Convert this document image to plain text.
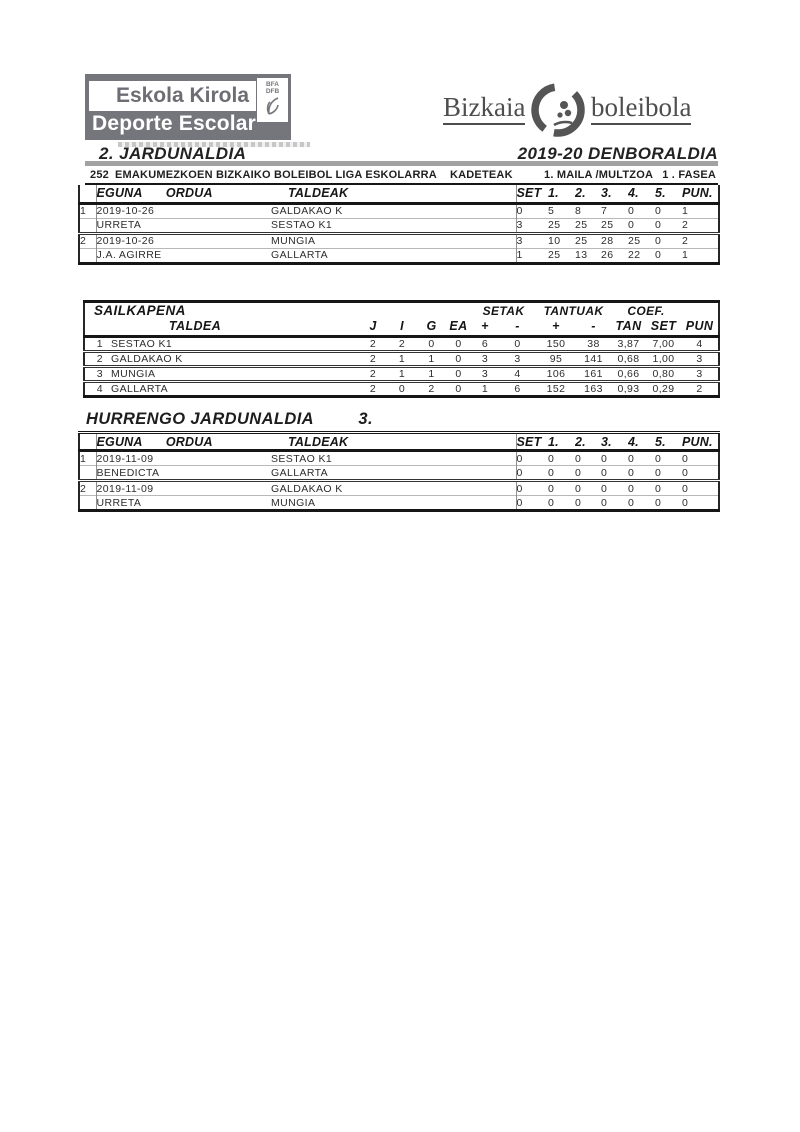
Eskola Kirola
Deporte Escolar
BFA
DFB
Bizkaia boleibola
2. JARDUNALDIA	2019-20 DENBORALDIA
252 EMAKUMEZKOEN BIZKAIKO BOLEIBOL LIGA ESKOLARRA KADETEAK	1. MAILA /MULTZOA 1 . FASEA
	EGUNA ORDUA	TALDEAK	SET	1.	2.	3.	4.	5.	PUN.
1	2019-10-26	GALDAKAO K	0	5	8	7	0	0	1
	URRETA	SESTAO K1	3	25	25	25	0	0	2
2	2019-10-26	MUNGIA	3	10	25	28	25	0	2
	J.A. AGIRRE	GALLARTA	1	25	13	26	22	0	1
SAILKAPENA						SETAK		TANTUAK		COEF.		
TALDEA		J	I	G	EA	+	-	+	-	TAN	SET	PUN
1	SESTAO K1	2	2	0	0	6	0	150	38	3,87	7,00	4
2	GALDAKAO K	2	1	1	0	3	3	95	141	0,68	1,00	3
3	MUNGIA	2	1	1	0	3	4	106	161	0,66	0,80	3
4	GALLARTA	2	0	2	0	1	6	152	163	0,93	0,29	2
HURRENGO JARDUNALDIA	3.
	EGUNA ORDUA	TALDEAK	SET	1.	2.	3.	4.	5.	PUN.
1	2019-11-09	SESTAO K1	0	0	0	0	0	0	0
	BENEDICTA	GALLARTA	0	0	0	0	0	0	0
2	2019-11-09	GALDAKAO K	0	0	0	0	0	0	0
	URRETA	MUNGIA	0	0	0	0	0	0	0
